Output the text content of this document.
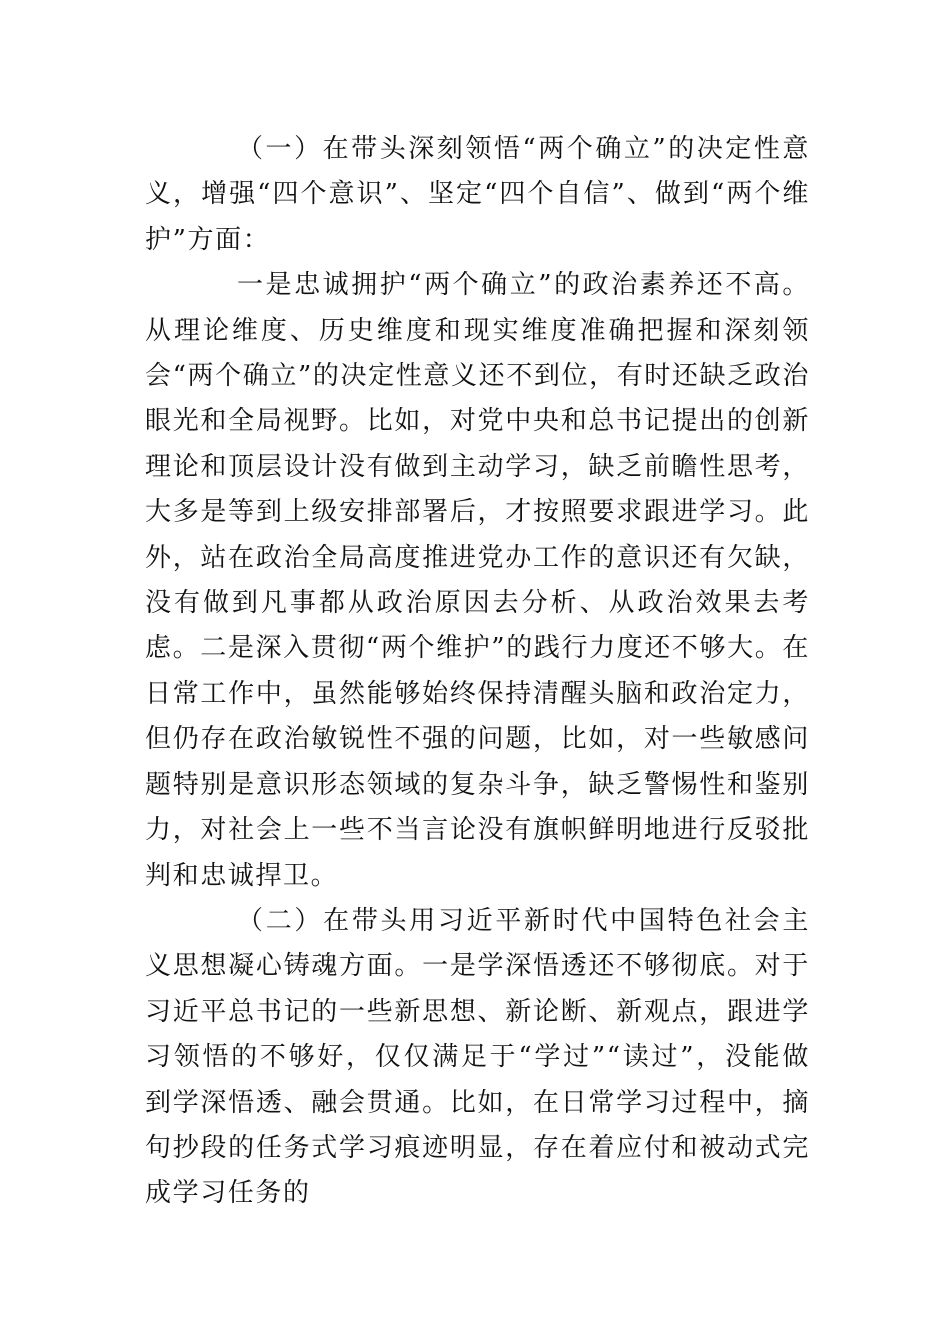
（一）在带头深刻领悟“两个确立”的决定性意义，增强“四个意识”、坚定“四个自信”、做到“两个维护”方面：

一是忠诚拥护“两个确立”的政治素养还不高。从理论维度、历史维度和现实维度准确把握和深刻领会“两个确立”的决定性意义还不到位，有时还缺乏政治眼光和全局视野。比如，对党中央和总书记提出的创新理论和顶层设计没有做到主动学习，缺乏前瞻性思考，大多是等到上级安排部署后，才按照要求跟进学习。此外，站在政治全局高度推进党办工作的意识还有欠缺，没有做到凡事都从政治原因去分析、从政治效果去考虑。二是深入贯彻“两个维护”的践行力度还不够大。在日常工作中，虽然能够始终保持清醒头脑和政治定力，但仍存在政治敏锐性不强的问题，比如，对一些敏感问题特别是意识形态领域的复杂斗争，缺乏警惕性和鉴别力，对社会上一些不当言论没有旗帜鲜明地进行反驳批判和忠诚捍卫。

（二）在带头用习近平新时代中国特色社会主义思想凝心铸魂方面。一是学深悟透还不够彻底。对于习近平总书记的一些新思想、新论断、新观点，跟进学习领悟的不够好，仅仅满足于“学过”“读过”，没能做到学深悟透、融会贯通。比如，在日常学习过程中，摘句抄段的任务式学习痕迹明显，存在着应付和被动式完成学习任务的
